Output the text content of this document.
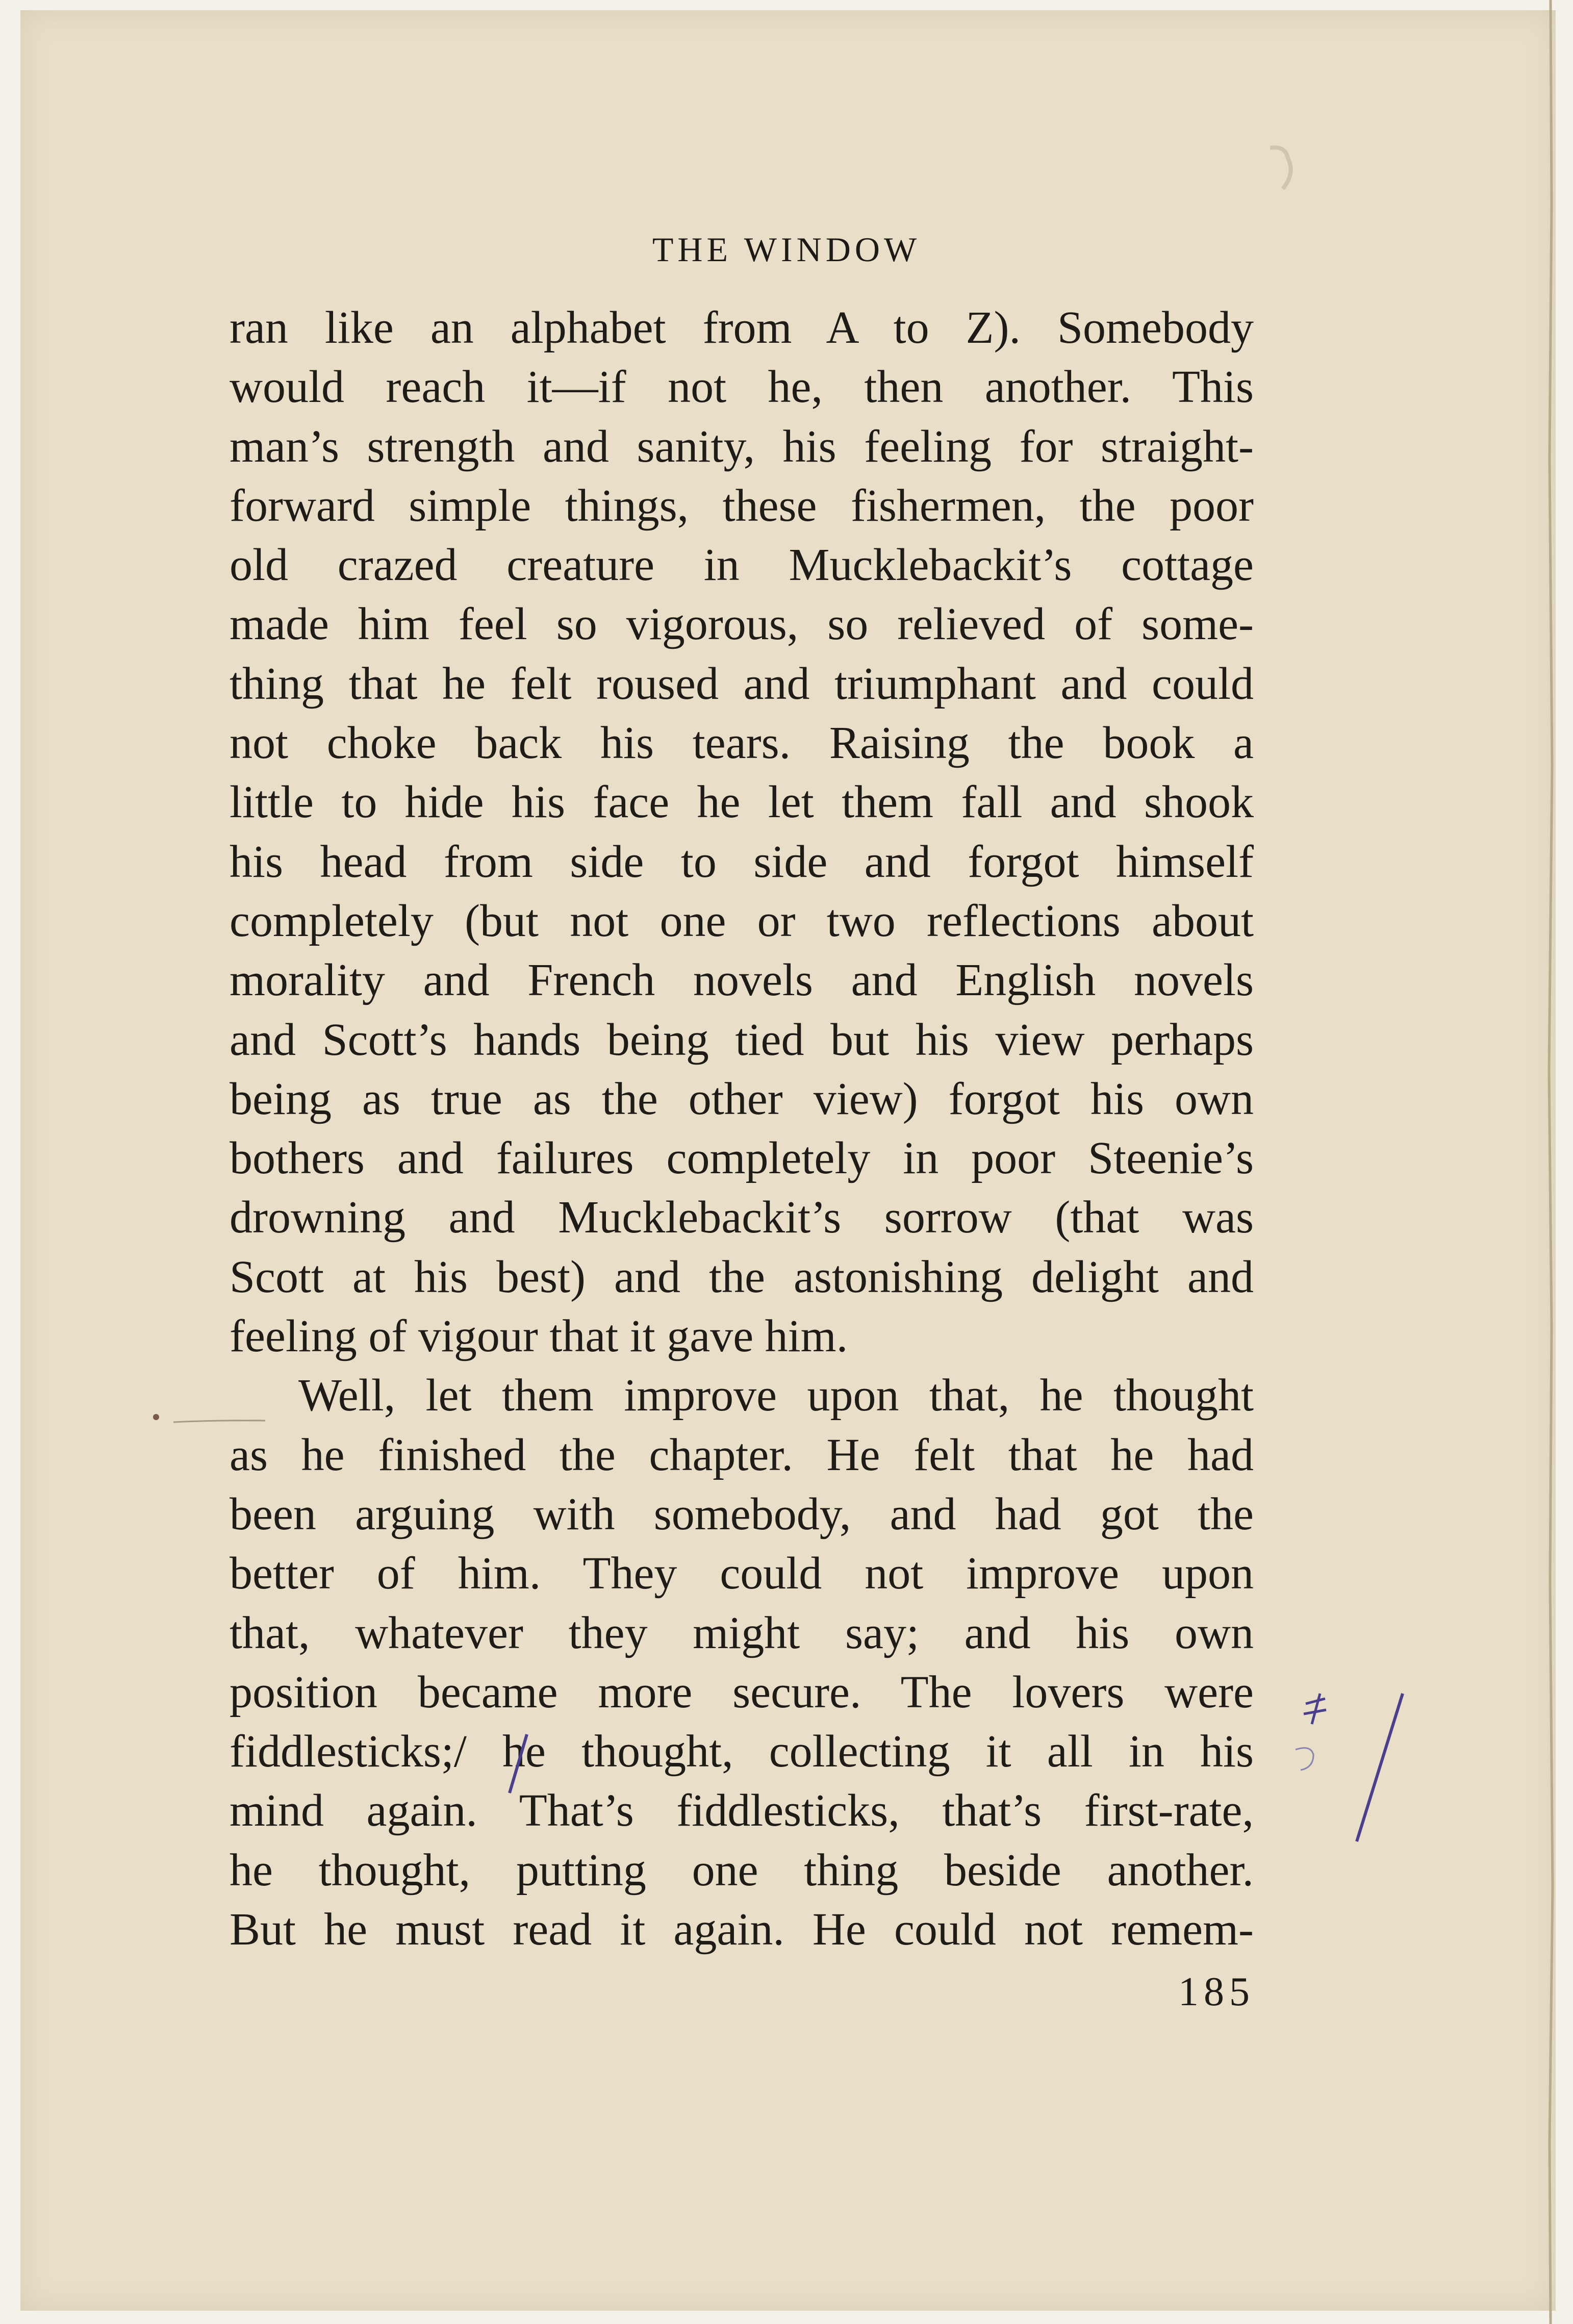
THE WINDOW
ran like an alphabet from A to Z). Somebody
would reach it—if not he, then another. This
man’s strength and sanity, his feeling for straight-
forward simple things, these fishermen, the poor
old crazed creature in Mucklebackit’s cottage
made him feel so vigorous, so relieved of some-
thing that he felt roused and triumphant and could
not choke back his tears. Raising the book a
little to hide his face he let them fall and shook
his head from side to side and forgot himself
completely (but not one or two reflections about
morality and French novels and English novels
and Scott’s hands being tied but his view perhaps
being as true as the other view) forgot his own
bothers and failures completely in poor Steenie’s
drowning and Mucklebackit’s sorrow (that was
Scott at his best) and the astonishing delight and
feeling of vigour that it gave him.
Well, let them improve upon that, he thought
as he finished the chapter. He felt that he had
been arguing with somebody, and had got the
better of him. They could not improve upon
that, whatever they might say; and his own
position became more secure. The lovers were
fiddlesticks;/ he thought, collecting it all in his
mind again. That’s fiddlesticks, that’s first-rate,
he thought, putting one thing beside another.
But he must read it again. He could not remem-
185
